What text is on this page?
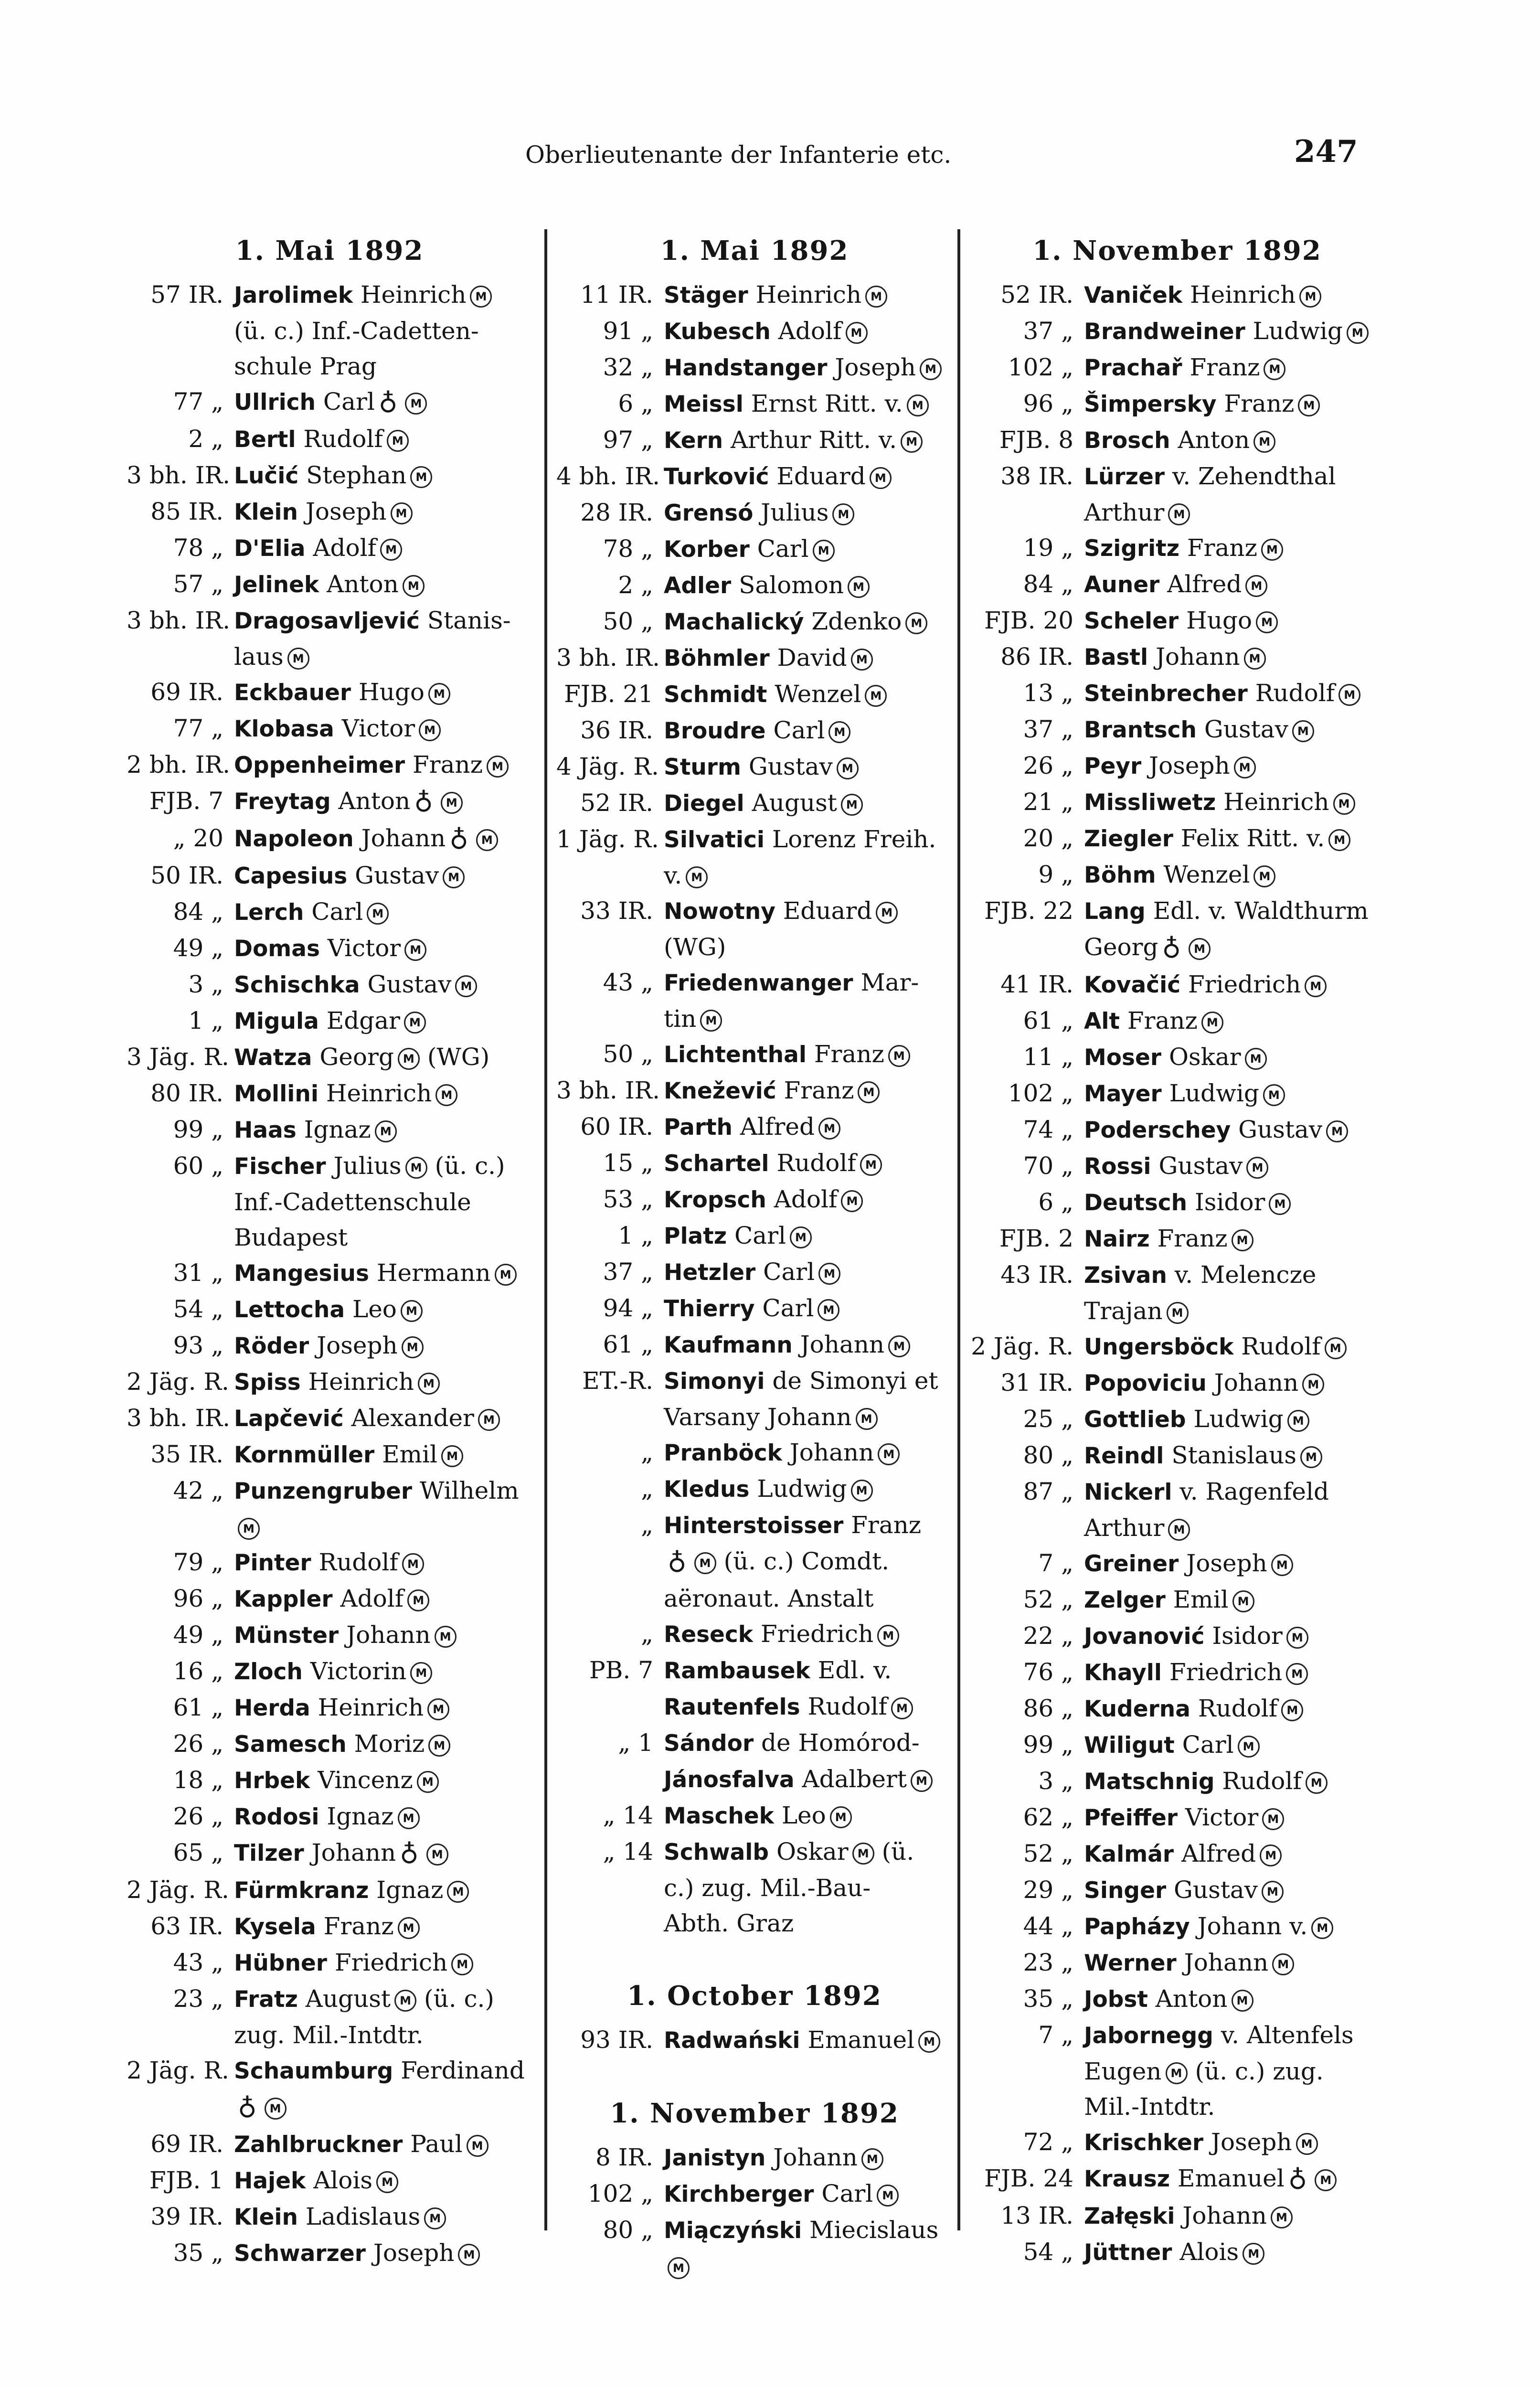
Oberlieutenante der Infanterie etc.	247
1. Mai 1892
57 IR. Jarolimek Heinrich M
(ü. c.) Inf.-Cadetten-
schule Prag
77 „ Ullrich Carl ♁ M
2 „ Bertl Rudolf M
3 bh. IR. Lučić Stephan M
85 IR. Klein Joseph M
78 „ D'Elia Adolf M
57 „ Jelinek Anton M
3 bh. IR. Dragosavljević Stanis-
laus M
69 IR. Eckbauer Hugo M
77 „ Klobasa Victor M
2 bh. IR. Oppenheimer Franz M
FJB. 7 Freytag Anton ♁ M
„ 20 Napoleon Johann ♁ M
50 IR. Capesius Gustav M
84 „ Lerch Carl M
49 „ Domas Victor M
3 „ Schischka Gustav M
1 „ Migula Edgar M
3 Jäg. R. Watza Georg M (WG)
80 IR. Mollini Heinrich M
99 „ Haas Ignaz M
60 „ Fischer Julius M (ü. c.)
Inf.-Cadettenschule
Budapest
31 „ Mangesius Hermann M
54 „ Lettocha Leo M
93 „ Röder Joseph M
2 Jäg. R. Spiss Heinrich M
3 bh. IR. Lapčević Alexander M
35 IR. Kornmüller Emil M
42 „ Punzengruber Wilhelm
M
79 „ Pinter Rudolf M
96 „ Kappler Adolf M
49 „ Münster Johann M
16 „ Zloch Victorin M
61 „ Herda Heinrich M
26 „ Samesch Moriz M
18 „ Hrbek Vincenz M
26 „ Rodosi Ignaz M
65 „ Tilzer Johann ♁ M
2 Jäg. R. Fürmkranz Ignaz M
63 IR. Kysela Franz M
43 „ Hübner Friedrich M
23 „ Fratz August M (ü. c.)
zug. Mil.-Intdtr.
2 Jäg. R. Schaumburg Ferdinand
♁ M
69 IR. Zahlbruckner Paul M
FJB. 1 Hajek Alois M
39 IR. Klein Ladislaus M
35 „ Schwarzer Joseph M
1. Mai 1892
11 IR. Stäger Heinrich M
91 „ Kubesch Adolf M
32 „ Handstanger Joseph M
6 „ Meissl Ernst Ritt. v. M
97 „ Kern Arthur Ritt. v. M
4 bh. IR. Turković Eduard M
28 IR. Grensó Julius M
78 „ Korber Carl M
2 „ Adler Salomon M
50 „ Machalický Zdenko M
3 bh. IR. Böhmler David M
FJB. 21 Schmidt Wenzel M
36 IR. Broudre Carl M
4 Jäg. R. Sturm Gustav M
52 IR. Diegel August M
1 Jäg. R. Silvatici Lorenz Freih.
v. M
33 IR. Nowotny Eduard M
(WG)
43 „ Friedenwanger Mar-
tin M
50 „ Lichtenthal Franz M
3 bh. IR. Knežević Franz M
60 IR. Parth Alfred M
15 „ Schartel Rudolf M
53 „ Kropsch Adolf M
1 „ Platz Carl M
37 „ Hetzler Carl M
94 „ Thierry Carl M
61 „ Kaufmann Johann M
ET.-R. Simonyi de Simonyi et
Varsany Johann M
„ Pranböck Johann M
„ Kledus Ludwig M
„ Hinterstoisser Franz
♁ M (ü. c.) Comdt.
aëronaut. Anstalt
„ Reseck Friedrich M
PB. 7 Rambausek Edl. v.
Rautenfels Rudolf M
„ 1 Sándor de Homórod-
Jánosfalva Adalbert M
„ 14 Maschek Leo M
„ 14 Schwalb Oskar M (ü.
c.) zug. Mil.-Bau-
Abth. Graz
1. October 1892
93 IR. Radwański Emanuel M
1. November 1892
8 IR. Janistyn Johann M
102 „ Kirchberger Carl M
80 „ Miączyński Miecislaus
M
1. November 1892
52 IR. Vaniček Heinrich M
37 „ Brandweiner Ludwig M
102 „ Prachař Franz M
96 „ Šimpersky Franz M
FJB. 8 Brosch Anton M
38 IR. Lürzer v. Zehendthal
Arthur M
19 „ Szigritz Franz M
84 „ Auner Alfred M
FJB. 20 Scheler Hugo M
86 IR. Bastl Johann M
13 „ Steinbrecher Rudolf M
37 „ Brantsch Gustav M
26 „ Peyr Joseph M
21 „ Missliwetz Heinrich M
20 „ Ziegler Felix Ritt. v. M
9 „ Böhm Wenzel M
FJB. 22 Lang Edl. v. Waldthurm
Georg ♁ M
41 IR. Kovačić Friedrich M
61 „ Alt Franz M
11 „ Moser Oskar M
102 „ Mayer Ludwig M
74 „ Poderschey Gustav M
70 „ Rossi Gustav M
6 „ Deutsch Isidor M
FJB. 2 Nairz Franz M
43 IR. Zsivan v. Melencze
Trajan M
2 Jäg. R. Ungersböck Rudolf M
31 IR. Popoviciu Johann M
25 „ Gottlieb Ludwig M
80 „ Reindl Stanislaus M
87 „ Nickerl v. Ragenfeld
Arthur M
7 „ Greiner Joseph M
52 „ Zelger Emil M
22 „ Jovanović Isidor M
76 „ Khayll Friedrich M
86 „ Kuderna Rudolf M
99 „ Wiligut Carl M
3 „ Matschnig Rudolf M
62 „ Pfeiffer Victor M
52 „ Kalmár Alfred M
29 „ Singer Gustav M
44 „ Papházy Johann v. M
23 „ Werner Johann M
35 „ Jobst Anton M
7 „ Jabornegg v. Altenfels
Eugen M (ü. c.) zug.
Mil.-Intdtr.
72 „ Krischker Joseph M
FJB. 24 Krausz Emanuel ♁ M
13 IR. Załęski Johann M
54 „ Jüttner Alois M
